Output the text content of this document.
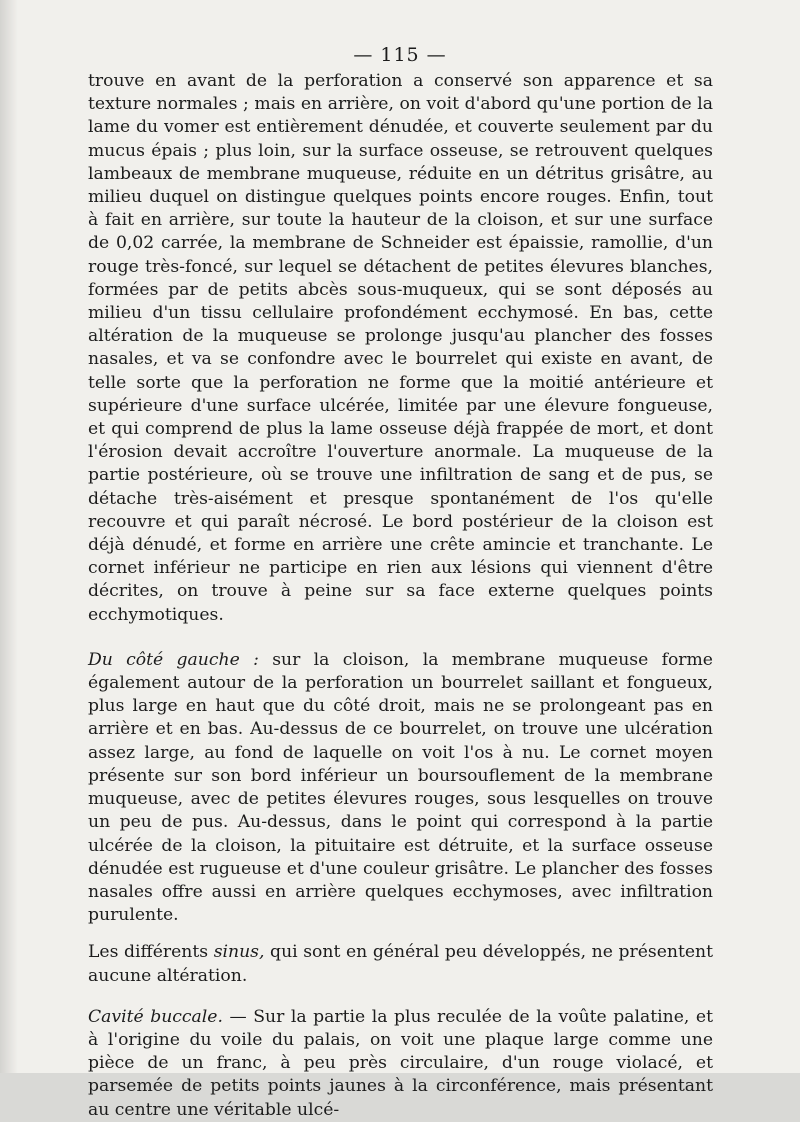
— 115 —

trouve en avant de la perforation a conservé son apparence et sa texture normales ; mais en arrière, on voit d'abord qu'une portion de la lame du vomer est entièrement dénudée, et couverte seulement par du mucus épais ; plus loin, sur la surface osseuse, se retrouvent quelques lambeaux de membrane muqueuse, réduite en un détritus grisâtre, au milieu duquel on distingue quelques points encore rouges. Enfin, tout à fait en arrière, sur toute la hauteur de la cloison, et sur une surface de 0,02 carrée, la membrane de Schneider est épaissie, ramollie, d'un rouge très-foncé, sur lequel se détachent de petites élevures blanches, formées par de petits abcès sous-muqueux, qui se sont déposés au milieu d'un tissu cellulaire profondément ecchymosé. En bas, cette altération de la muqueuse se prolonge jusqu'au plancher des fosses nasales, et va se confondre avec le bourrelet qui existe en avant, de telle sorte que la perforation ne forme que la moitié antérieure et supérieure d'une surface ulcérée, limitée par une élevure fongueuse, et qui comprend de plus la lame osseuse déjà frappée de mort, et dont l'érosion devait accroître l'ouverture anormale. La muqueuse de la partie postérieure, où se trouve une infiltration de sang et de pus, se détache très-aisément et presque spontanément de l'os qu'elle recouvre et qui paraît nécrosé. Le bord postérieur de la cloison est déjà dénudé, et forme en arrière une crête amincie et tranchante. Le cornet inférieur ne participe en rien aux lésions qui viennent d'être décrites, on trouve à peine sur sa face externe quelques points ecchymotiques.

Du côté gauche : sur la cloison, la membrane muqueuse forme également autour de la perforation un bourrelet saillant et fongueux, plus large en haut que du côté droit, mais ne se prolongeant pas en arrière et en bas. Au-dessus de ce bourrelet, on trouve une ulcération assez large, au fond de laquelle on voit l'os à nu. Le cornet moyen présente sur son bord inférieur un boursouflement de la membrane muqueuse, avec de petites élevures rouges, sous lesquelles on trouve un peu de pus. Au-dessus, dans le point qui correspond à la partie ulcérée de la cloison, la pituitaire est détruite, et la surface osseuse dénudée est rugueuse et d'une couleur grisâtre. Le plancher des fosses nasales offre aussi en arrière quelques ecchymoses, avec infiltration purulente.

Les différents sinus, qui sont en général peu développés, ne présentent aucune altération.

Cavité buccale. — Sur la partie la plus reculée de la voûte palatine, et à l'origine du voile du palais, on voit une plaque large comme une pièce de un franc, à peu près circulaire, d'un rouge violacé, et parsemée de petits points jaunes à la circonférence, mais présentant au centre une véritable ulcé-
